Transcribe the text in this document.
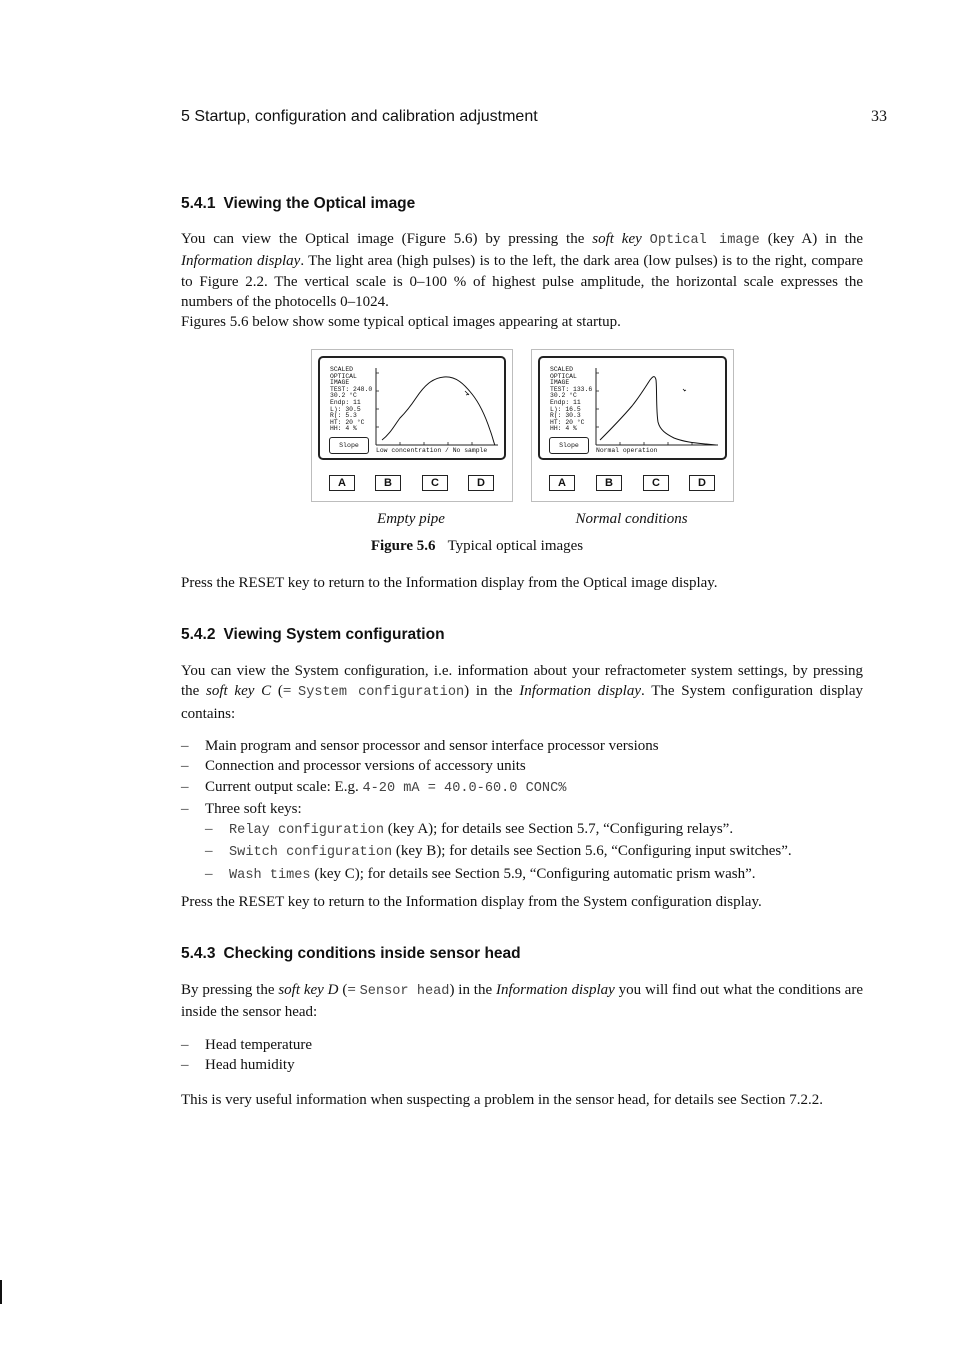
5 Startup, configuration and calibration adjustment	33
5.4.1 Viewing the Optical image
You can view the Optical image (Figure 5.6) by pressing the soft key Optical image (key A) in the Information display. The light area (high pulses) is to the left, the dark area (low pulses) is to the right, compare to Figure 2.2. The vertical scale is 0–100 % of highest pulse amplitude, the horizontal scale expresses the numbers of the photocells 0–1024.
Figures 5.6 below show some typical optical images appearing at startup.
SCALED
OPTICAL
IMAGE
TEST: 248.0
30.2 °C
Endp: 11
L): 30.5
R(: 5.3
HT: 20 °C
HH: 4 %
Slope
Low concentration / No sample
A	B	C	D
SCALED
OPTICAL
IMAGE
TEST: 133.6
30.2 °C
Endp: 11
L): 16.5
R(: 30.3
HT: 20 °C
HH: 4 %
Slope
Normal operation
A	B	C	D
Empty pipe	Normal conditions
Figure 5.6 Typical optical images
Press the RESET key to return to the Information display from the Optical image display.
5.4.2 Viewing System configuration
You can view the System configuration, i.e. information about your refractometer system settings, by pressing the soft key C (= System configuration) in the Information display. The System configuration display contains:
– Main program and sensor processor and sensor interface processor versions
– Connection and processor versions of accessory units
– Current output scale: E.g. 4-20 mA = 40.0-60.0 CONC%
– Three soft keys:
– Relay configuration (key A); for details see Section 5.7, “Configuring relays”.
– Switch configuration (key B); for details see Section 5.6, “Configuring input switches”.
– Wash times (key C); for details see Section 5.9, “Configuring automatic prism wash”.
Press the RESET key to return to the Information display from the System configuration display.
5.4.3 Checking conditions inside sensor head
By pressing the soft key D (= Sensor head) in the Information display you will find out what the conditions are inside the sensor head:
– Head temperature
– Head humidity
This is very useful information when suspecting a problem in the sensor head, for details see Section 7.2.2.
